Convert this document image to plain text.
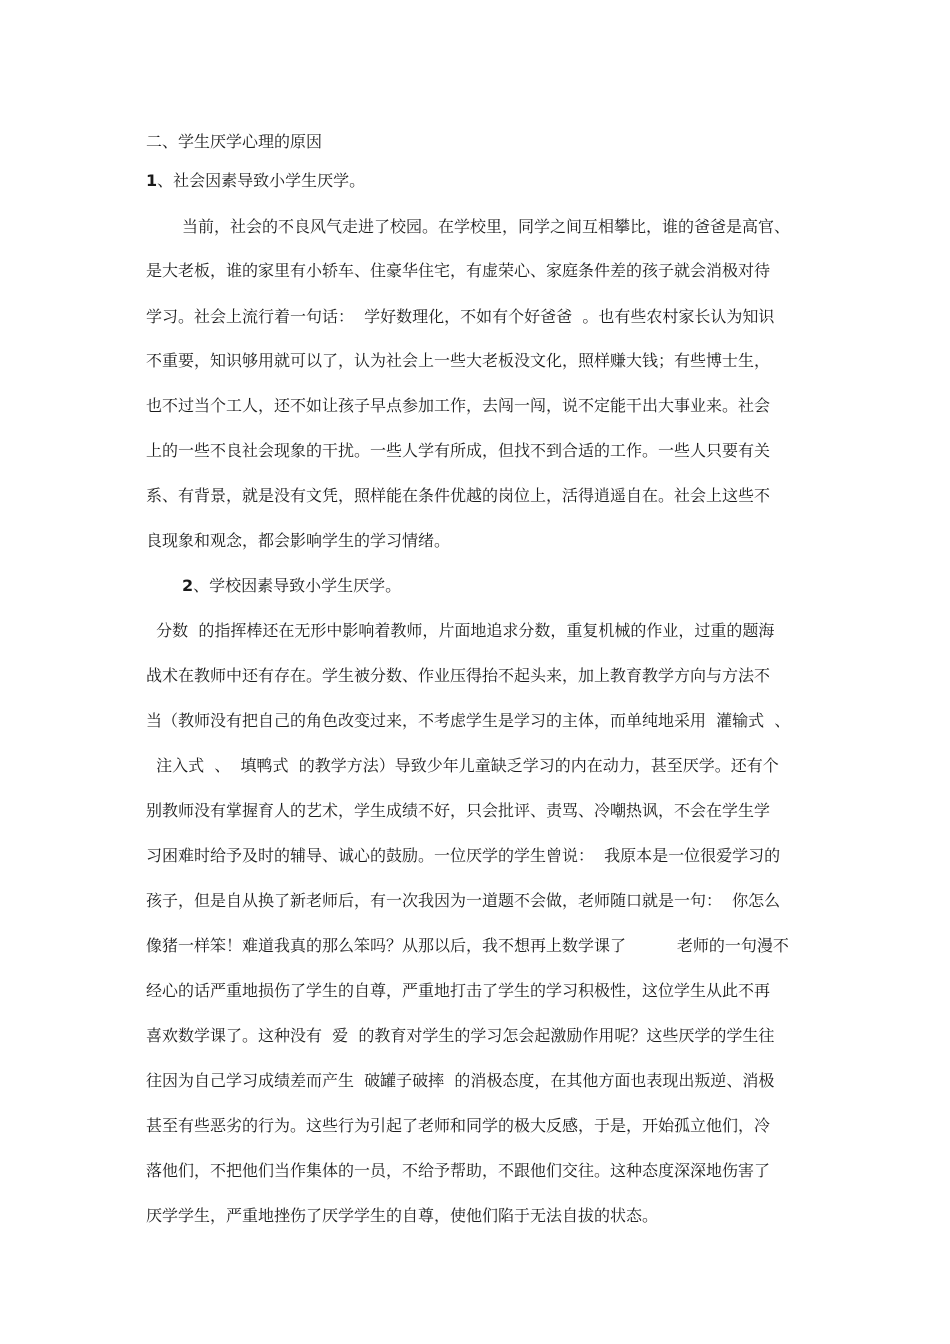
二、学生厌学心理的原因
1、社会因素导致小学生厌学。
当前，社会的不良风气走进了校园。在学校里，同学之间互相攀比，谁的爸爸是高官、
是大老板，谁的家里有小轿车、住豪华住宅，有虚荣心、家庭条件差的孩子就会消极对待
学习。社会上流行着一句话：  学好数理化，不如有个好爸爸  。也有些农村家长认为知识
不重要，知识够用就可以了，认为社会上一些大老板没文化，照样赚大钱；有些博士生，
也不过当个工人，还不如让孩子早点参加工作，去闯一闯，说不定能干出大事业来。社会
上的一些不良社会现象的干扰。一些人学有所成，但找不到合适的工作。一些人只要有关
系、有背景，就是没有文凭，照样能在条件优越的岗位上，活得逍遥自在。社会上这些不
良现象和观念，都会影响学生的学习情绪。
2、学校因素导致小学生厌学。
分数  的指挥棒还在无形中影响着教师，片面地追求分数，重复机械的作业，过重的题海
战术在教师中还有存在。学生被分数、作业压得抬不起头来，加上教育教学方向与方法不
当（教师没有把自己的角色改变过来，不考虑学生是学习的主体，而单纯地采用  灌输式  、
注入式  、  填鸭式  的教学方法）导致少年儿童缺乏学习的内在动力，甚至厌学。还有个
别教师没有掌握育人的艺术，学生成绩不好，只会批评、责骂、冷嘲热讽，不会在学生学
习困难时给予及时的辅导、诚心的鼓励。一位厌学的学生曾说：  我原本是一位很爱学习的
孩子，但是自从换了新老师后，有一次我因为一道题不会做，老师随口就是一句：  你怎么
像猪一样笨！难道我真的那么笨吗？从那以后，我不想再上数学课了          老师的一句漫不
经心的话严重地损伤了学生的自尊，严重地打击了学生的学习积极性，这位学生从此不再
喜欢数学课了。这种没有  爱  的教育对学生的学习怎会起激励作用呢？这些厌学的学生往
往因为自己学习成绩差而产生  破罐子破摔  的消极态度，在其他方面也表现出叛逆、消极
甚至有些恶劣的行为。这些行为引起了老师和同学的极大反感，于是，开始孤立他们，冷
落他们，不把他们当作集体的一员，不给予帮助，不跟他们交往。这种态度深深地伤害了
厌学学生，严重地挫伤了厌学学生的自尊，使他们陷于无法自拔的状态。
